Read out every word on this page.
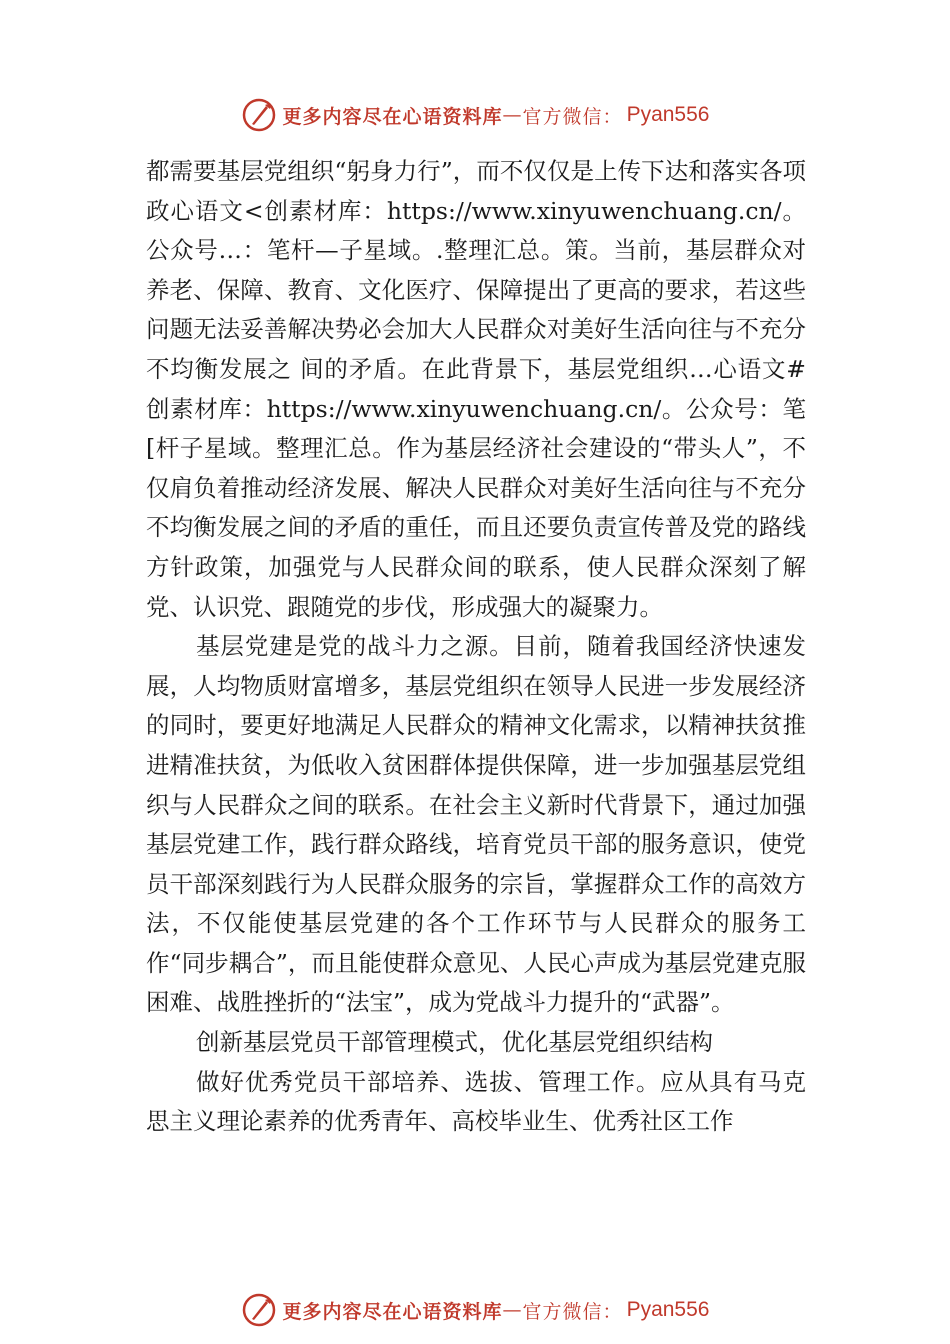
更多内容尽在心语资料库 — 官方微信： Pyan556

都需要基层党组织“躬身力行”，而不仅仅是上传下达和落实各项政心语文<创素材库：https://www.xinyuwenchuang.cn/。公众号…：笔杆—子星域。.整理汇总。策。当前，基层群众对养老、保障、教育、文化医疗、保障提出了更高的要求，若这些问题无法妥善解决势必会加大人民群众对美好生活向往与不充分不均衡发展之 间的矛盾。在此背景下，基层党组织…心语文#创素材库：https://www.xinyuwenchuang.cn/。公众号：笔[杆子星域。整理汇总。作为基层经济社会建设的“带头人”，不仅肩负着推动经济发展、解决人民群众对美好生活向往与不充分不均衡发展之间的矛盾的重任，而且还要负责宣传普及党的路线方针政策，加强党与人民群众间的联系，使人民群众深刻了解党、认识党、跟随党的步伐，形成强大的凝聚力。

基层党建是党的战斗力之源。目前，随着我国经济快速发展，人均物质财富增多，基层党组织在领导人民进一步发展经济的同时，要更好地满足人民群众的精神文化需求，以精神扶贫推进精准扶贫，为低收入贫困群体提供保障，进一步加强基层党组织与人民群众之间的联系。在社会主义新时代背景下，通过加强基层党建工作，践行群众路线，培育党员干部的服务意识，使党员干部深刻践行为人民群众服务的宗旨，掌握群众工作的高效方法，不仅能使基层党建的各个工作环节与人民群众的服务工作“同步耦合”，而且能使群众意见、人民心声成为基层党建克服困难、战胜挫折的“法宝”，成为党战斗力提升的“武器”。

创新基层党员干部管理模式，优化基层党组织结构

做好优秀党员干部培养、选拔、管理工作。应从具有马克思主义理论素养的优秀青年、高校毕业生、优秀社区工作

更多内容尽在心语资料库 — 官方微信： Pyan556
